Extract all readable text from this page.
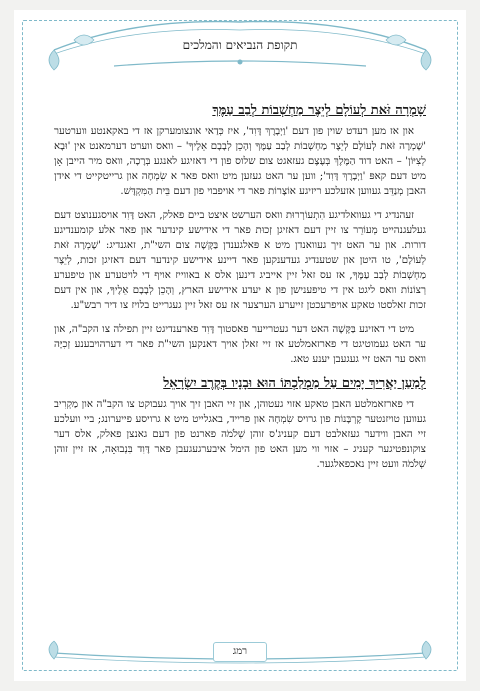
תקופת הנביאים והמלכים
שָׁמְרָה זֹּאת לְעוֹלָם לְיֵצֶר מַחְשְׁבוֹת לְבַב עַמֶּךָ

און אז מען רעדט שוין פון דעם 'וַיְבָרֶךְ דָּוִד', איז כְּדַאי אונצומערקן אז די באקאנטע ווערטער 'שָׁמְרָה זֹּאת לְעוֹלָם לְיֵצֶר מַחְשְׁבוֹת לְבַב עַמֶּךָ וְהָכֵן לְבָבָם אֵלֶיךָ' – וואס ווערט דערמאנט אין 'וּבָא לְצִיּוֹן' – האט דוד הַמֶּלֶךְ בְּעֶצֶם געזאגט צום שלוס פון די דאזיגע לאנגע בְּרָכָה, וואס מיר הייבן אָן מיט דעם קאפּ 'וַיְבָרֶךְ דָּוִד'; ווען ער האט געזען מיט וואס פאר א שִׂמְחָה און גרייטקייט די אידן האבן מְנַדֵּב געווען אזעלכע ריזיגע אוֹצָרוֹת פאר די אויפבוי פון דעם בֵּית הַמִּקְדָּשׁ.

זעהנדיג די געוואלדיגע הִתְעוֹרְרוּת וואס הערשט איצט ביים פאלק, האט דָּוִד אויסגענוצט דעם געלעגנהייט מְעוֹרֵר צו זיין דעם דאזיגן זְכוּת פאר די אידישע קינדער און פאר אלע קומענדיגע דורות. און ער האט זיך געוואנדן מיט א פּאלגענדן בַּקָּשָׁה צום השי"ת, זאגנדיג: 'שָׁמְרָה זֹּאת לְעוֹלָם', טו היטן און שטענדיג געדענקען פאר דיינע אידישע קינדער דעם דאזיגן זכות, לְיֵצֶר מַחְשְׁבוֹת לְבַב עַמֶּךָ, אז עס זאל זיין אייביג דינען אלס א באווייז אויף די לויטערע און טיפערע רְצוֹנוֹת וואס ליגט אין די טיפענישן פון א יעדע אידישע הארץ, וְהָכֵן לְבָבָם אֵלֶיךָ, און אין דעם זכות זאלסטו טאקע אויפרעכטן זייערע הערצער אז עס זאל זיין געגרייט בלויז צו דיר רבש"ע.

מיט די דאזיגע בַּקָּשָׁה האט דער געטרייער פאסטוך דָּוִד פארענדיגט זיין תפילה צו הקב"ה, און ער האט געמוטיגט די פארזאמלטע אז זיי זאלן אויך דאנקען השי"ת פאר די דערהויבענע זְכִיָּה וואס ער האט זיי געגעבן יענע טאג.

לְמַעַן יַאֲרִיךְ יָמִים עַל מַמְלַכְתּוֹ הוּא וּבָנָיו בְּקֶרֶב יִשְׂרָאֵל

די פארזאמלטע האבן טאקע אזוי געטוהן, און זיי האבן זיך אויך געבוקט צו הקב"ה און מַקְרִיב געווען טויזנטער קָרְבָּנוֹת פון גרויס שִׂמְחָה און פרייד, באגלייט מיט א גרויסע פייערונג; ביי וועלכע זיי האבן ווידער געזאלבט דעם קעניג'ס זוהן שְׁלֹמֹה פארנט פון דעם גאנצן פאלק, אלס דער צוקונפטיגער קעניג – אזוי ווי מען האט פון הימל איבערגעגעבן פאר דָּוִד בִּנְבוּאָה, אז זיין זוהן שְׁלֹמֹה וועט זיין נאכפאלגער.

רמג
